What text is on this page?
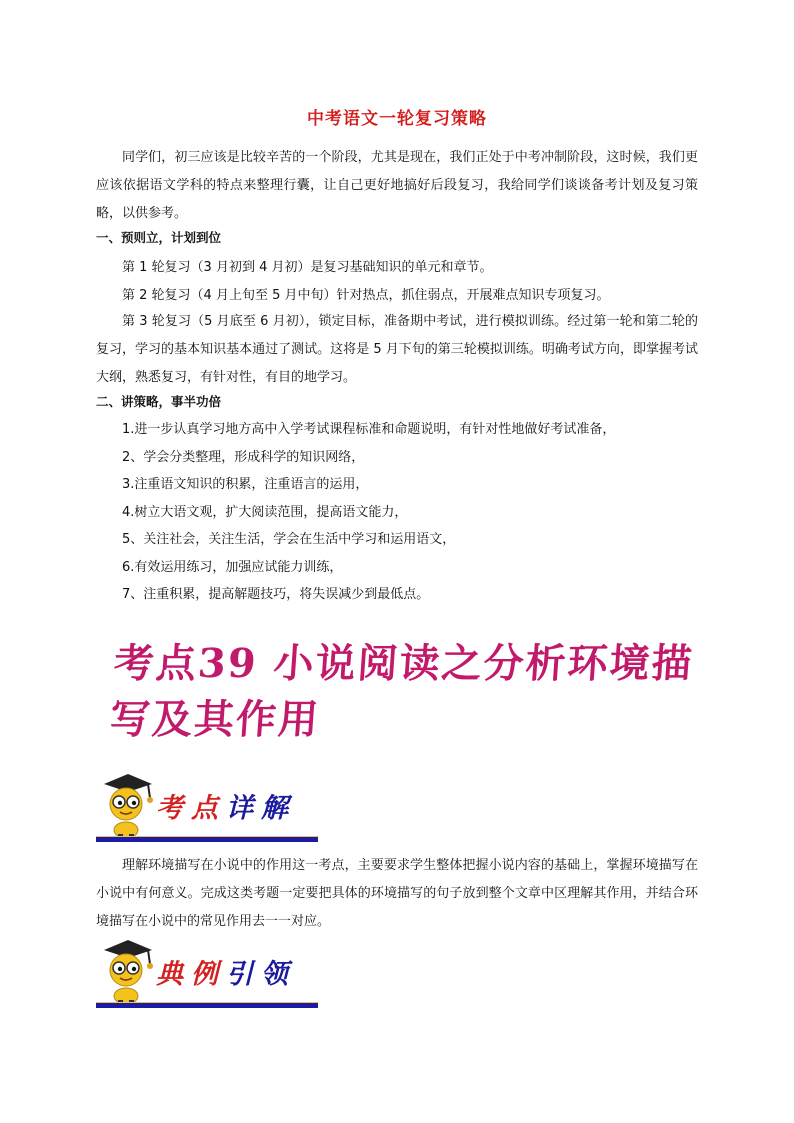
中考语文一轮复习策略
同学们，初三应该是比较辛苦的一个阶段，尤其是现在，我们正处于中考冲制阶段，这时候，我们更应该依据语文学科的特点来整理行囊，让自己更好地搞好后段复习，我给同学们谈谈备考计划及复习策略，以供参考。
一、预则立，计划到位
第 1 轮复习（3 月初到 4 月初）是复习基础知识的单元和章节。
第 2 轮复习（4 月上旬至 5 月中旬）针对热点，抓住弱点，开展难点知识专项复习。
第 3 轮复习（5 月底至 6 月初），锁定目标，准备期中考试，进行模拟训练。经过第一轮和第二轮的复习，学习的基本知识基本通过了测试。这将是 5 月下旬的第三轮模拟训练。明确考试方向，即掌握考试大纲，熟悉复习，有针对性，有目的地学习。
二、讲策略，事半功倍
1.进一步认真学习地方高中入学考试课程标准和命题说明，有针对性地做好考试准备，
2、学会分类整理，形成科学的知识网络，
3.注重语文知识的积累，注重语言的运用，
4.树立大语文观，扩大阅读范围，提高语文能力，
5、关注社会，关注生活，学会在生活中学习和运用语文，
6.有效运用练习，加强应试能力训练，
7、注重积累，提高解题技巧，将失误减少到最低点。
考点39 小说阅读之分析环境描写及其作用
考点详解
理解环境描写在小说中的作用这一考点，主要要求学生整体把握小说内容的基础上，掌握环境描写在小说中有何意义。完成这类考题一定要把具体的环境描写的句子放到整个文章中区理解其作用，并结合环境描写在小说中的常见作用去一一对应。
典例引领
